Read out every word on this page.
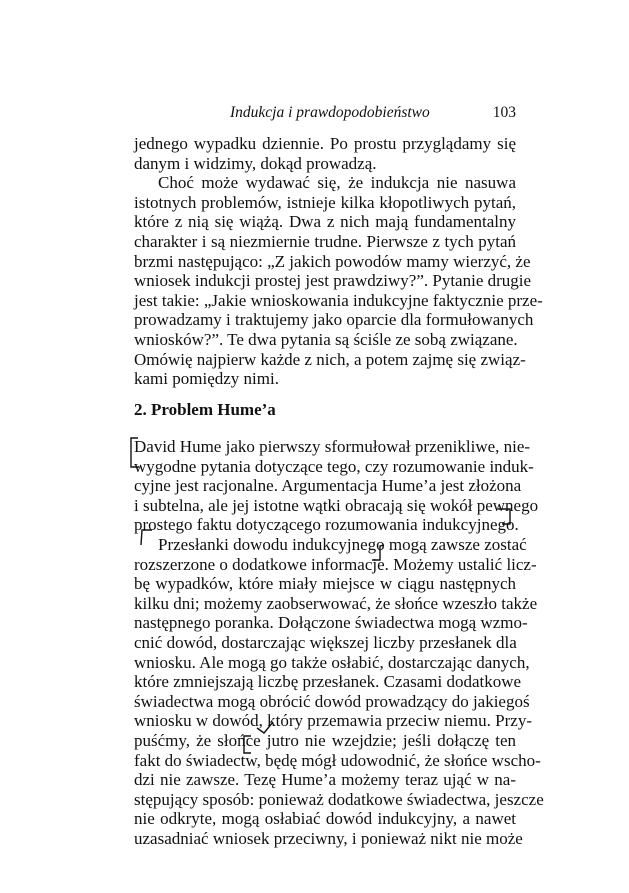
Indukcja i prawdopodobieństwo	103
jednego wypadku dziennie. Po prostu przyglądamy się
danym i widzimy, dokąd prowadzą.
Choć może wydawać się, że indukcja nie nasuwa
istotnych problemów, istnieje kilka kłopotliwych pytań,
które z nią się wiążą. Dwa z nich mają fundamentalny
charakter i są niezmiernie trudne. Pierwsze z tych pytań
brzmi następująco: „Z jakich powodów mamy wierzyć, że
wniosek indukcji prostej jest prawdziwy?”. Pytanie drugie
jest takie: „Jakie wnioskowania indukcyjne faktycznie prze-
prowadzamy i traktujemy jako oparcie dla formułowanych
wniosków?”. Te dwa pytania są ściśle ze sobą związane.
Omówię najpierw każde z nich, a potem zajmę się związ-
kami pomiędzy nimi.
2. Problem Hume’a
David Hume jako pierwszy sformułował przenikliwe, nie-
wygodne pytania dotyczące tego, czy rozumowanie induk-
cyjne jest racjonalne. Argumentacja Hume’a jest złożona
i subtelna, ale jej istotne wątki obracają się wokół pewnego
prostego faktu dotyczącego rozumowania indukcyjnego.
Przesłanki dowodu indukcyjnego mogą zawsze zostać
rozszerzone o dodatkowe informacje. Możemy ustalić licz-
bę wypadków, które miały miejsce w ciągu następnych
kilku dni; możemy zaobserwować, że słońce wzeszło także
następnego poranka. Dołączone świadectwa mogą wzmo-
cnić dowód, dostarczając większej liczby przesłanek dla
wniosku. Ale mogą go także osłabić, dostarczając danych,
które zmniejszają liczbę przesłanek. Czasami dodatkowe
świadectwa mogą obrócić dowód prowadzący do jakiegoś
wniosku w dowód, który przemawia przeciw niemu. Przy-
puśćmy, że słońce jutro nie wzejdzie; jeśli dołączę ten
fakt do świadectw, będę mógł udowodnić, że słońce wscho-
dzi nie zawsze. Tezę Hume’a możemy teraz ująć w na-
stępujący sposób: ponieważ dodatkowe świadectwa, jeszcze
nie odkryte, mogą osłabiać dowód indukcyjny, a nawet
uzasadniać wniosek przeciwny, i ponieważ nikt nie może
